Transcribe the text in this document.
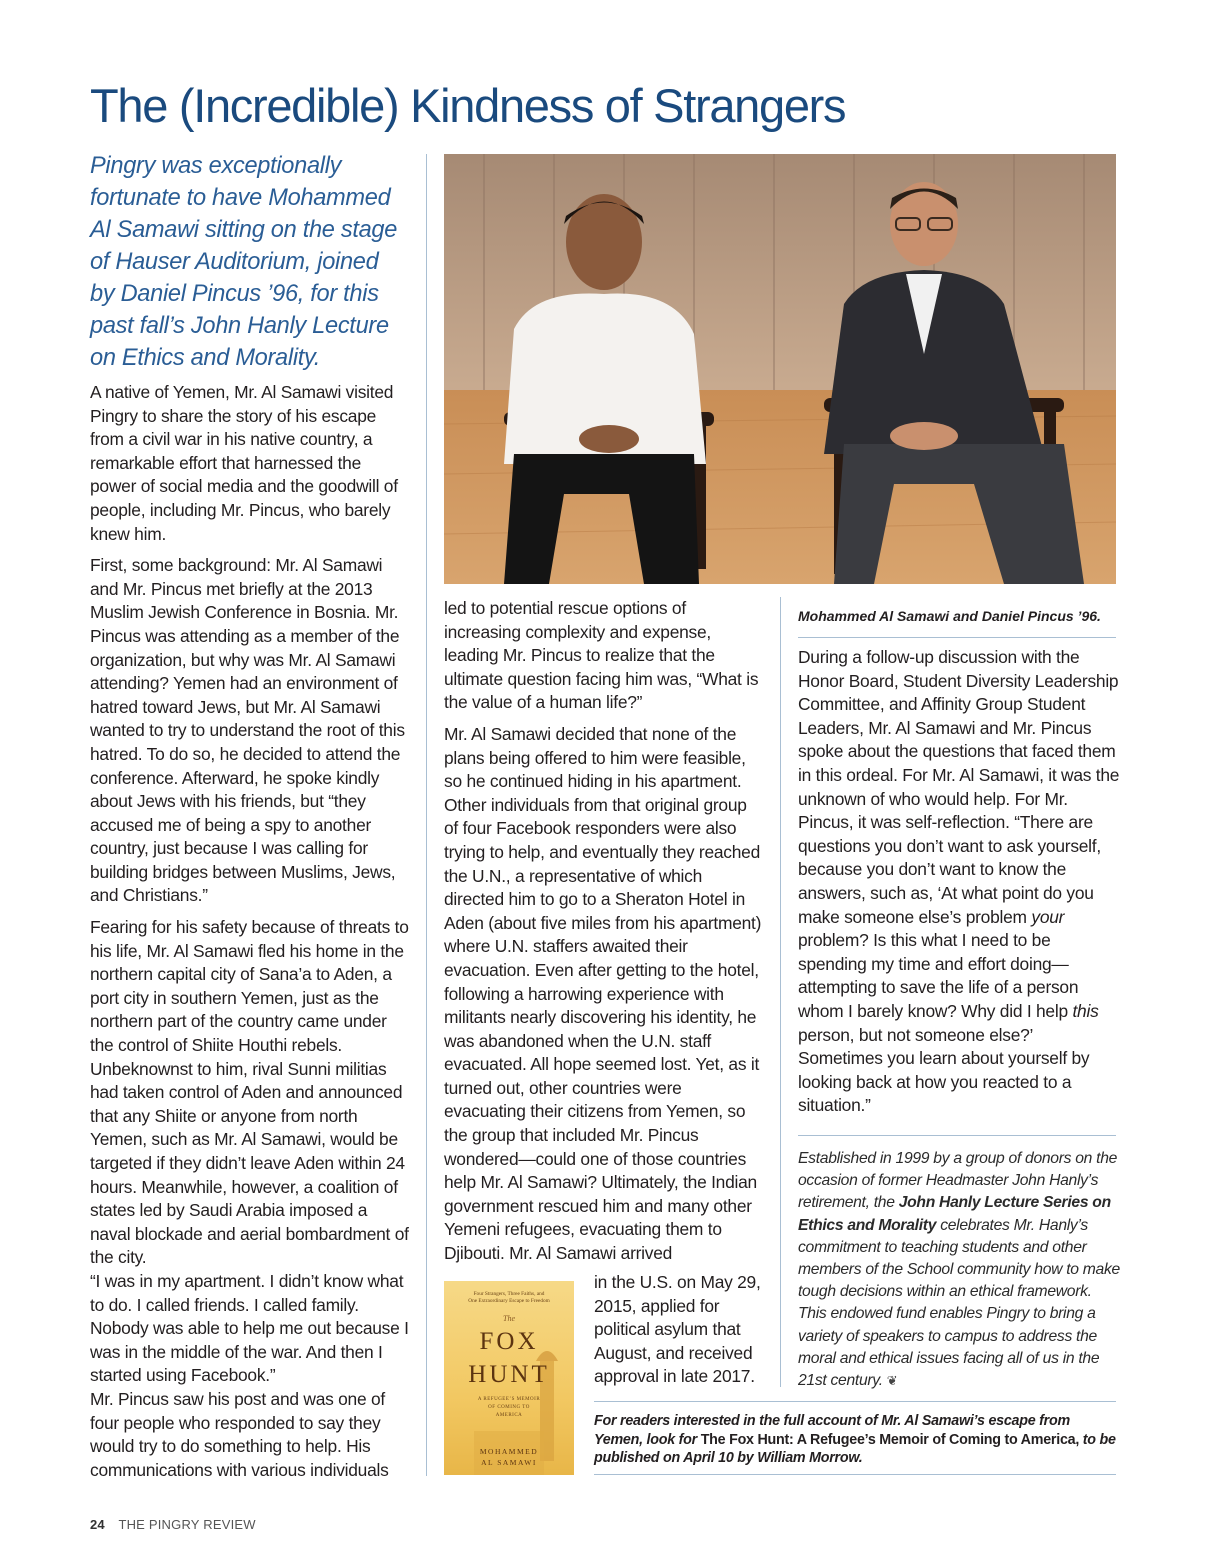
The (Incredible) Kindness of Strangers

Pingry was exceptionally fortunate to have Mohammed Al Samawi sitting on the stage of Hauser Auditorium, joined by Daniel Pincus ’96, for this past fall’s John Hanly Lecture on Ethics and Morality.

A native of Yemen, Mr. Al Samawi visited Pingry to share the story of his escape from a civil war in his native country, a remarkable effort that harnessed the power of social media and the goodwill of people, including Mr. Pincus, who barely knew him.

First, some background: Mr. Al Samawi and Mr. Pincus met briefly at the 2013 Muslim Jewish Conference in Bosnia. Mr. Pincus was attending as a member of the organization, but why was Mr. Al Samawi attending? Yemen had an environment of hatred toward Jews, but Mr. Al Samawi wanted to try to understand the root of this hatred. To do so, he decided to attend the conference. Afterward, he spoke kindly about Jews with his friends, but “they accused me of being a spy to another country, just because I was calling for building bridges between Muslims, Jews, and Christians.”

Fearing for his safety because of threats to his life, Mr. Al Samawi fled his home in the northern capital city of Sana’a to Aden, a port city in southern Yemen, just as the northern part of the country came under the control of Shiite Houthi rebels. Unbeknownst to him, rival Sunni militias had taken control of Aden and announced that any Shiite or anyone from north Yemen, such as Mr. Al Samawi, would be targeted if they didn’t leave Aden within 24 hours. Meanwhile, however, a coalition of states led by Saudi Arabia imposed a naval blockade and aerial bombardment of the city.

“I was in my apartment. I didn’t know what to do. I called friends. I called family. Nobody was able to help me out because I was in the middle of the war. And then I started using Facebook.”

Mr. Pincus saw his post and was one of four people who responded to say they would try to do something to help. His communications with various individuals

Mohammed Al Samawi and Daniel Pincus ’96.

led to potential rescue options of increasing complexity and expense, leading Mr. Pincus to realize that the ultimate question facing him was, “What is the value of a human life?”

Mr. Al Samawi decided that none of the plans being offered to him were feasible, so he continued hiding in his apartment. Other individuals from that original group of four Facebook responders were also trying to help, and eventually they reached the U.N., a representative of which directed him to go to a Sheraton Hotel in Aden (about five miles from his apartment) where U.N. staffers awaited their evacuation. Even after getting to the hotel, following a harrowing experience with militants nearly discovering his identity, he was abandoned when the U.N. staff evacuated. All hope seemed lost. Yet, as it turned out, other countries were evacuating their citizens from Yemen, so the group that included Mr. Pincus wondered—could one of those countries help Mr. Al Samawi? Ultimately, the Indian government rescued him and many other Yemeni refugees, evacuating them to Djibouti. Mr. Al Samawi arrived

Four Strangers, Three Faiths, and
One Extraordinary Escape to Freedom
The
FOX
HUNT
A REFUGEE’S MEMOIR
OF COMING TO
AMERICA
MOHAMMED
AL SAMAWI

in the U.S. on May 29, 2015, applied for political asylum that August, and received approval in late 2017.

During a follow-up discussion with the Honor Board, Student Diversity Leadership Committee, and Affinity Group Student Leaders, Mr. Al Samawi and Mr. Pincus spoke about the questions that faced them in this ordeal. For Mr. Al Samawi, it was the unknown of who would help. For Mr. Pincus, it was self-reflection. “There are questions you don’t want to ask yourself, because you don’t want to know the answers, such as, ‘At what point do you make someone else’s problem your problem? Is this what I need to be spending my time and effort doing—attempting to save the life of a person whom I barely know? Why did I help this person, but not someone else?’ Sometimes you learn about yourself by looking back at how you reacted to a situation.”

Established in 1999 by a group of donors on the occasion of former Headmaster John Hanly’s retirement, the John Hanly Lecture Series on Ethics and Morality celebrates Mr. Hanly’s commitment to teaching students and other members of the School community how to make tough decisions within an ethical framework. This endowed fund enables Pingry to bring a variety of speakers to campus to address the moral and ethical issues facing all of us in the 21st century. ❦

For readers interested in the full account of Mr. Al Samawi’s escape from Yemen, look for The Fox Hunt: A Refugee’s Memoir of Coming to America, to be published on April 10 by William Morrow.

24 THE PINGRY REVIEW
